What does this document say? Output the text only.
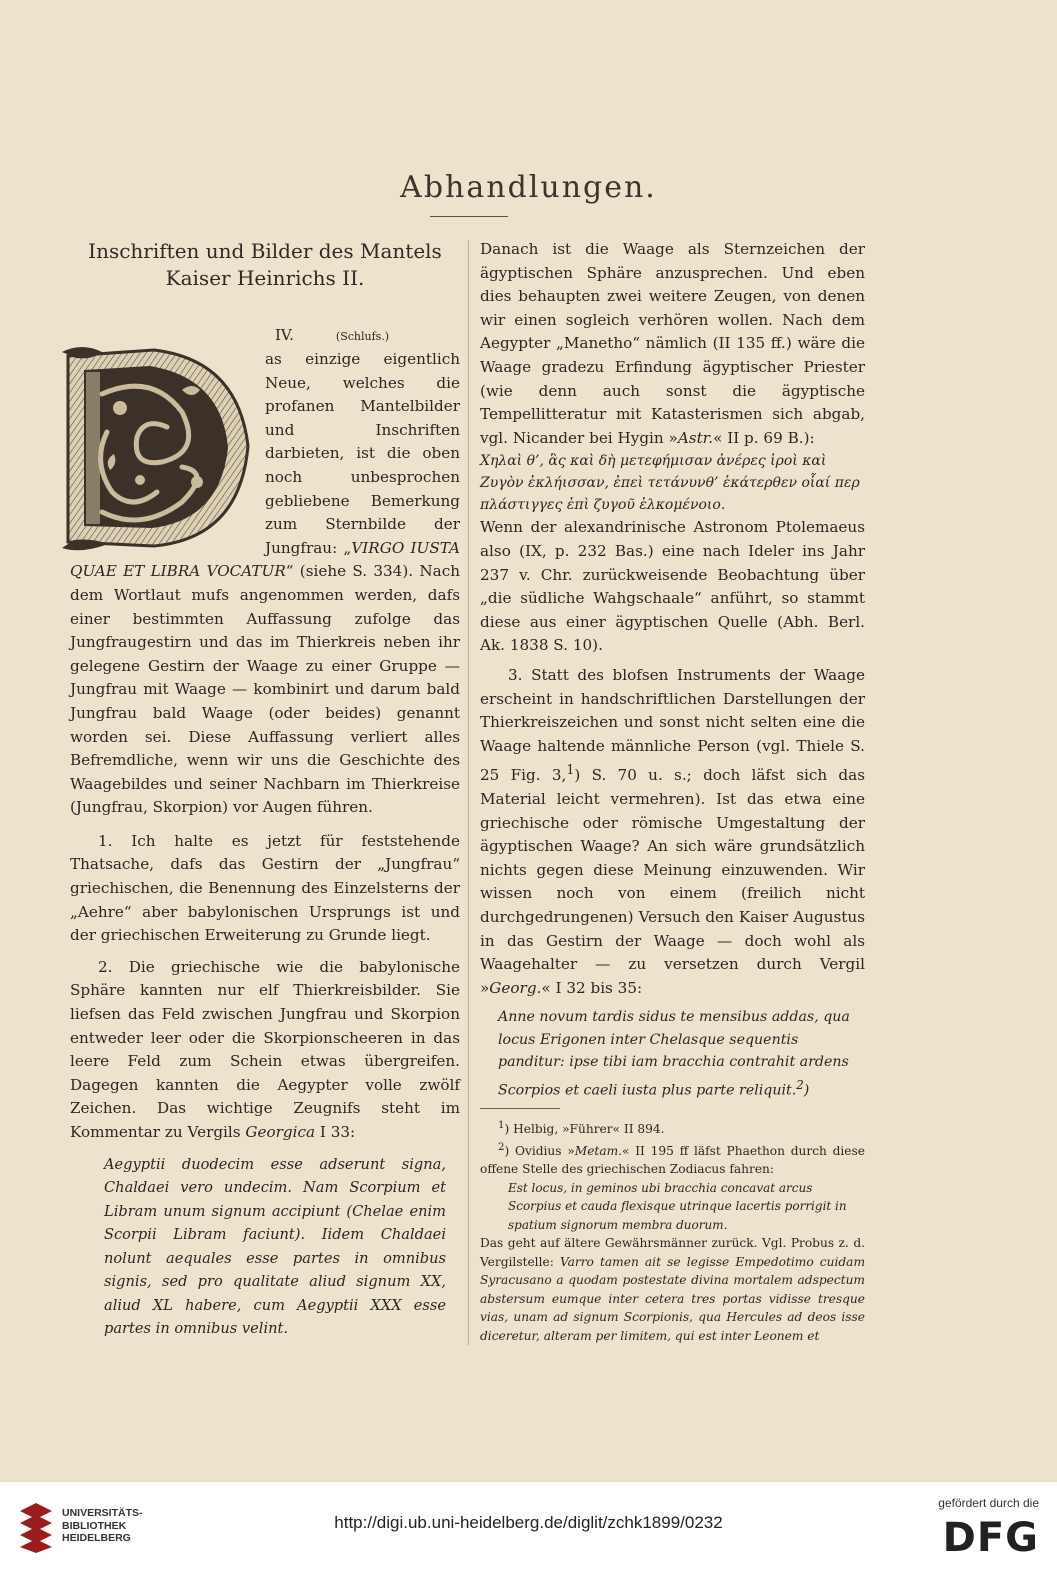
Abhandlungen.
Inschriften und Bilder des Mantels
Kaiser Heinrichs II.
IV.	(Schlufs.)

as einzige eigentlich Neue, welches die profanen Mantelbilder und Inschriften darbieten, ist die oben noch unbesprochen gebliebene Bemerkung zum Sternbilde der Jungfrau: „VIRGO IUSTA QUAE ET LIBRA VOCATUR“ (siehe S. 334). Nach dem Wortlaut mufs angenommen werden, dafs einer bestimmten Auffassung zufolge das Jungfraugestirn und das im Thierkreis neben ihr gelegene Gestirn der Waage zu einer Gruppe — Jungfrau mit Waage — kombinirt und darum bald Jungfrau bald Waage (oder beides) genannt worden sei. Diese Auffassung verliert alles Befremdliche, wenn wir uns die Geschichte des Waagebildes und seiner Nachbarn im Thierkreise (Jungfrau, Skorpion) vor Augen führen.

1. Ich halte es jetzt für feststehende Thatsache, dafs das Gestirn der „Jungfrau“ griechischen, die Benennung des Einzelsterns der „Aehre“ aber babylonischen Ursprungs ist und der griechischen Erweiterung zu Grunde liegt.

2. Die griechische wie die babylonische Sphäre kannten nur elf Thierkreisbilder. Sie liefsen das Feld zwischen Jungfrau und Skorpion entweder leer oder die Skorpionscheeren in das leere Feld zum Schein etwas übergreifen. Dagegen kannten die Aegypter volle zwölf Zeichen. Das wichtige Zeugnifs steht im Kommentar zu Vergils Georgica I 33:

Aegyptii duodecim esse adserunt signa, Chaldaei vero undecim. Nam Scorpium et Libram unum signum accipiunt (Chelae enim Scorpii Libram faciunt). Iidem Chaldaei nolunt aequales esse partes in omnibus signis, sed pro qualitate aliud signum XX, aliud XL habere, cum Aegyptii XXX esse partes in omnibus velint.

Danach ist die Waage als Sternzeichen der ägyptischen Sphäre anzusprechen. Und eben dies behaupten zwei weitere Zeugen, von denen wir einen sogleich verhören wollen. Nach dem Aegypter „Manetho“ nämlich (II 135 ff.) wäre die Waage gradezu Erfindung ägyptischer Priester (wie denn auch sonst die ägyptische Tempellitteratur mit Katasterismen sich abgab, vgl. Nicander bei Hygin »Astr.« II p. 69 B.):

Χηλαὶ θ’, ἃς καὶ δὴ μετεφήμισαν ἀνέρες ἱροὶ καὶ Ζυγὸν ἐκλήισσαν, ἐπεὶ τετάνυνθ’ ἑκάτερθεν οἷαί περ πλάστιγγες ἐπὶ ζυγοῦ ἑλκομένοιο.

Wenn der alexandrinische Astronom Ptolemaeus also (IX, p. 232 Bas.) eine nach Ideler ins Jahr 237 v. Chr. zurückweisende Beobachtung über „die südliche Wahgschaale“ anführt, so stammt diese aus einer ägyptischen Quelle (Abh. Berl. Ak. 1838 S. 10).

3. Statt des blofsen Instruments der Waage erscheint in handschriftlichen Darstellungen der Thierkreiszeichen und sonst nicht selten eine die Waage haltende männliche Person (vgl. Thiele S. 25 Fig. 3,$^1$) S. 70 u. s.; doch läfst sich das Material leicht vermehren). Ist das etwa eine griechische oder römische Umgestaltung der ägyptischen Waage? An sich wäre grundsätzlich nichts gegen diese Meinung einzuwenden. Wir wissen noch von einem (freilich nicht durchgedrungenen) Versuch den Kaiser Augustus in das Gestirn der Waage — doch wohl als Waagehalter — zu versetzen durch Vergil »Georg.« I 32 bis 35:

Anne novum tardis sidus te mensibus addas, qua locus Erigonen inter Chelasque sequentis panditur: ipse tibi iam bracchia contrahit ardens Scorpios et caeli iusta plus parte reliquit.$^2$)
$^1$) Helbig, »Führer« II 894.
$^2$) Ovidius »Metam.« II 195 ff läfst Phaethon durch diese offene Stelle des griechischen Zodiacus fahren:
Est locus, in geminos ubi bracchia concavat arcus Scorpius et cauda flexisque utrinque lacertis porrigit in spatium signorum membra duorum.
Das geht auf ältere Gewährsmänner zurück. Vgl. Probus z. d. Vergilstelle: Varro tamen ait se legisse Empedotimo cuidam Syracusano a quodam postestate divina mortalem adspectum abstersum eumque inter cetera tres portas vidisse tresque vias, unam ad signum Scorpionis, qua Hercules ad deos isse diceretur, alteram per limitem, qui est inter Leonem et
UNIVERSITÄTS-
BIBLIOTHEK
HEIDELBERG
http://digi.ub.uni-heidelberg.de/diglit/zchk1899/0232
gefördert durch die
DFG
